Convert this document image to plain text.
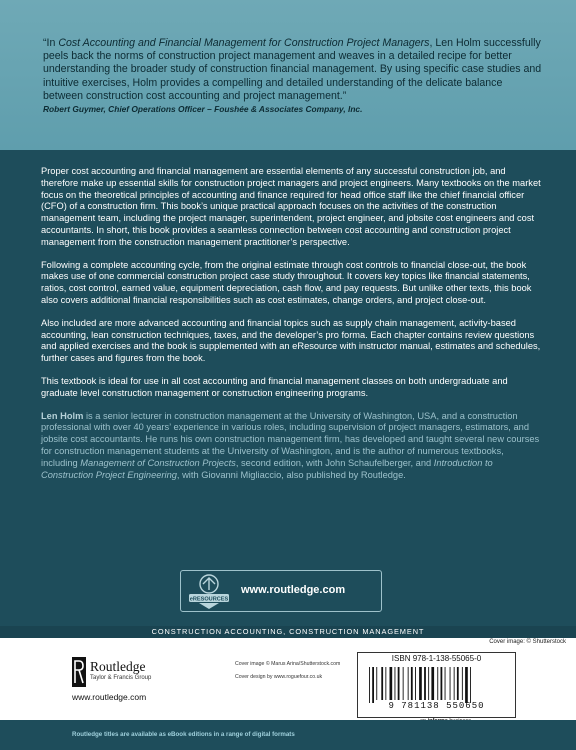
“In Cost Accounting and Financial Management for Construction Project Managers, Len Holm successfully peels back the norms of construction project management and weaves in a detailed recipe for better understanding the broader study of construction financial management. By using specific case studies and intuitive exercises, Holm provides a compelling and detailed understanding of the delicate balance between construction cost accounting and project management.”
Robert Guymer, Chief Operations Officer – Foushée & Associates Company, Inc.

Proper cost accounting and financial management are essential elements of any successful construction job, and therefore make up essential skills for construction project managers and project engineers. Many textbooks on the market focus on the theoretical principles of accounting and finance required for head office staff like the chief financial officer (CFO) of a construction firm. This book’s unique practical approach focuses on the activities of the construction management team, including the project manager, superintendent, project engineer, and jobsite cost engineers and cost accountants. In short, this book provides a seamless connection between cost accounting and construction project management from the construction management practitioner’s perspective.

Following a complete accounting cycle, from the original estimate through cost controls to financial close-out, the book makes use of one commercial construction project case study throughout. It covers key topics like financial statements, ratios, cost control, earned value, equipment depreciation, cash flow, and pay requests. But unlike other texts, this book also covers additional financial responsibilities such as cost estimates, change orders, and project close-out.

Also included are more advanced accounting and financial topics such as supply chain management, activity-based accounting, lean construction techniques, taxes, and the developer’s pro forma. Each chapter contains review questions and applied exercises and the book is supplemented with an eResource with instructor manual, estimates and schedules, further cases and figures from the book.

This textbook is ideal for use in all cost accounting and financial management classes on both undergraduate and graduate level construction management or construction engineering programs.

Len Holm is a senior lecturer in construction management at the University of Washington, USA, and a construction professional with over 40 years’ experience in various roles, including supervision of project managers, estimators, and jobsite cost accountants. He runs his own construction management firm, has developed and taught several new courses for construction management students at the University of Washington, and is the author of numerous textbooks, including Management of Construction Projects, second edition, with John Schaufelberger, and Introduction to Construction Project Engineering, with Giovanni Migliaccio, also published by Routledge.

eRESOURCES
www.routledge.com
CONSTRUCTION ACCOUNTING, CONSTRUCTION MANAGEMENT
Cover image: © Shutterstock
Routledge
Taylor & Francis Group
www.routledge.com
Cover image © Marus Arina/Shutterstock.com
Cover design by www.roguefour.co.uk
ISBN 978-1-138-55065-0
9 781138 550650
Routledge titles are available as eBook editions in a range of digital formats
